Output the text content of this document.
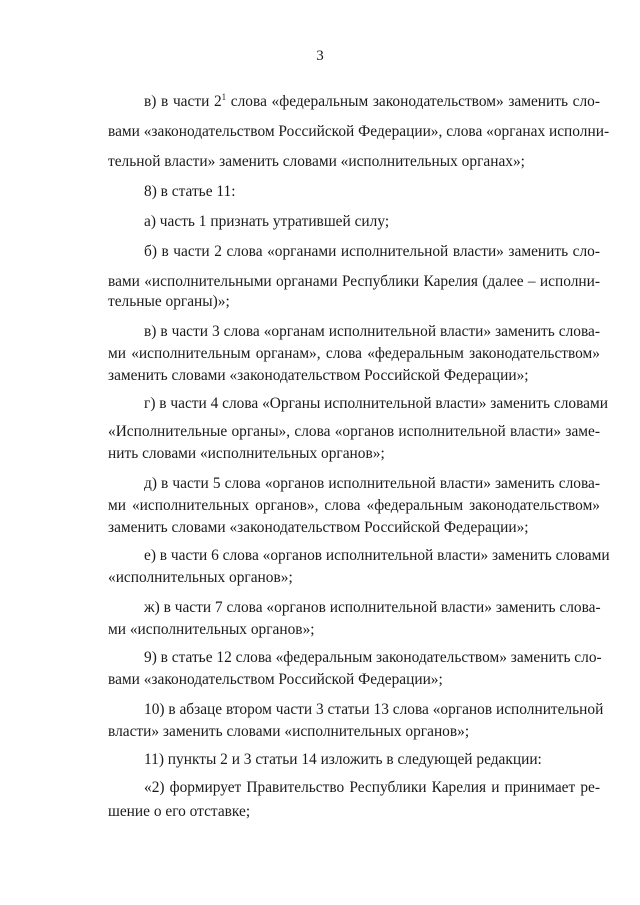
3
в) в части $2^1$ слова «федеральным законодательством» заменить сло-
вами «законодательством Российской Федерации», слова «органах исполни-
тельной власти» заменить словами «исполнительных органах»;
8) в статье 11:
а) часть 1 признать утратившей силу;
б) в части 2 слова «органами исполнительной власти» заменить сло-
вами «исполнительными органами Республики Карелия (далее – исполни-
тельные органы)»;
в) в части 3 слова «органам исполнительной власти» заменить слова-
ми «исполнительным органам», слова «федеральным законодательством»
заменить словами «законодательством Российской Федерации»;
г) в части 4 слова «Органы исполнительной власти» заменить словами
«Исполнительные органы», слова «органов исполнительной власти» заме-
нить словами «исполнительных органов»;
д) в части 5 слова «органов исполнительной власти» заменить слова-
ми «исполнительных органов», слова «федеральным законодательством»
заменить словами «законодательством Российской Федерации»;
е) в части 6 слова «органов исполнительной власти» заменить словами
«исполнительных органов»;
ж) в части 7 слова «органов исполнительной власти» заменить слова-
ми «исполнительных органов»;
9) в статье 12 слова «федеральным законодательством» заменить сло-
вами «законодательством Российской Федерации»;
10) в абзаце втором части 3 статьи 13 слова «органов исполнительной
власти» заменить словами «исполнительных органов»;
11) пункты 2 и 3 статьи 14 изложить в следующей редакции:
«2) формирует Правительство Республики Карелия и принимает ре-
шение о его отставке;
